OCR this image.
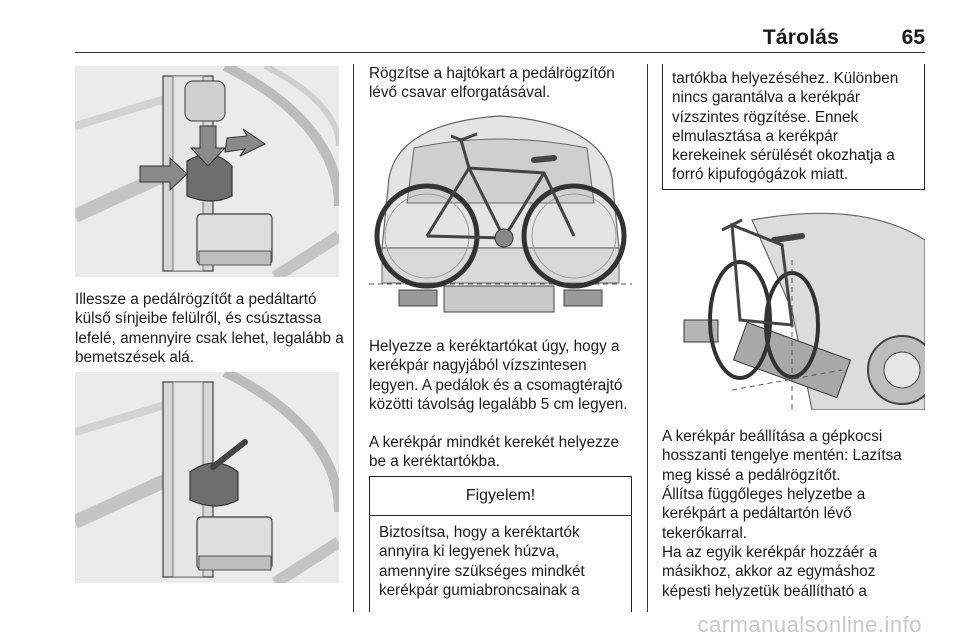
Tárolás	65

Illessze a pedálrögzítőt a pedáltartó külső sínjeibe felülről, és csúsztassa lefelé, amennyire csak lehet, legalább a bemetszések alá.

Rögzítse a hajtókart a pedálrögzítőn lévő csavar elforgatásával.

Helyezze a keréktartókat úgy, hogy a kerékpár nagyjából vízszintesen legyen. A pedálok és a csomagtérajtó közötti távolság legalább 5 cm legyen.

A kerékpár mindkét kerekét helyezze be a keréktartókba.

Figyelem!
Biztosítsa, hogy a keréktartók annyira ki legyenek húzva, amennyire szükséges mindkét kerékpár gumiabroncsainak a
tartókba helyezéséhez. Különben nincs garantálva a kerékpár vízszintes rögzítése. Ennek elmulasztása a kerékpár kerekeinek sérülését okozhatja a forró kipufogógázok miatt.

A kerékpár beállítása a gépkocsi hosszanti tengelye mentén: Lazítsa meg kissé a pedálrögzítőt.

Állítsa függőleges helyzetbe a kerékpárt a pedáltartón lévő tekerőkarral.

Ha az egyik kerékpár hozzáér a másikhoz, akkor az egymáshoz képesti helyzetük beállítható a

carmanualsonline.info
